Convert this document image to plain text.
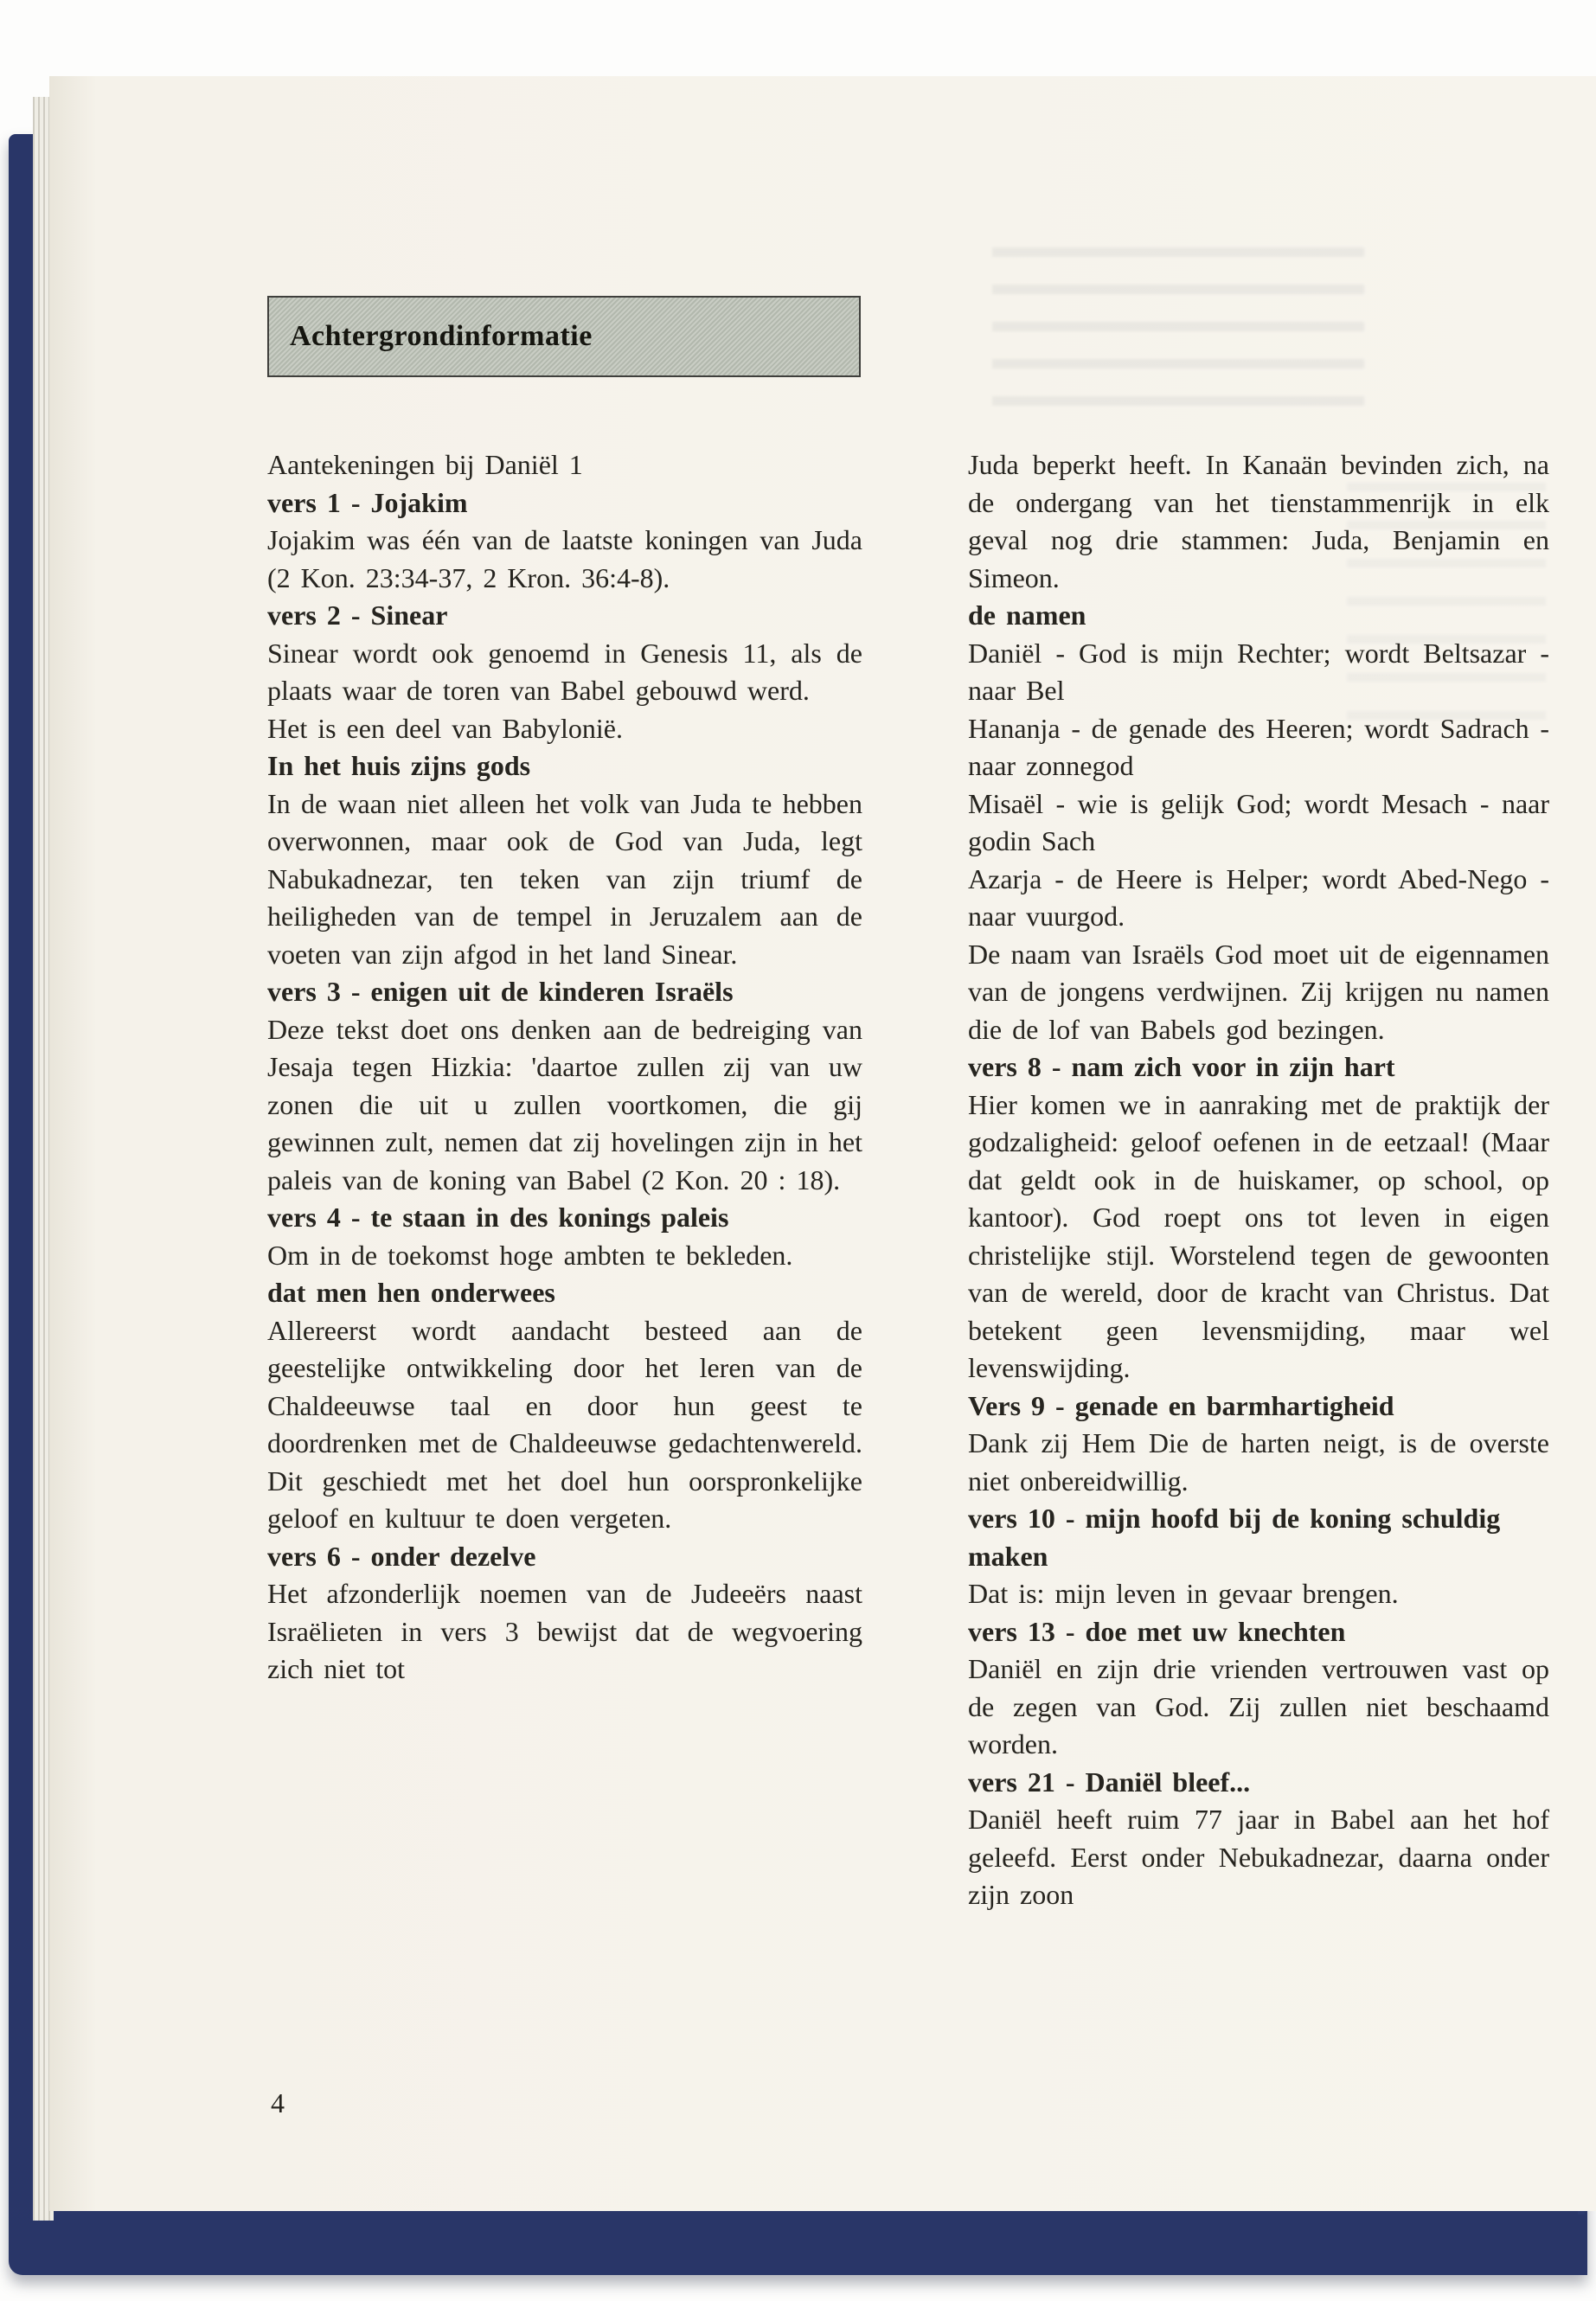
Achtergrondinformatie
Aantekeningen bij Daniël 1
vers 1 - Jojakim
Jojakim was één van de laatste koningen van Juda (2 Kon. 23:34-37, 2 Kron. 36:4-8).
vers 2 - Sinear
Sinear wordt ook genoemd in Genesis 11, als de plaats waar de toren van Babel gebouwd werd.
Het is een deel van Babylonië.
In het huis zijns gods
In de waan niet alleen het volk van Juda te hebben overwonnen, maar ook de God van Juda, legt Nabukadnezar, ten teken van zijn triumf de heiligheden van de tempel in Jeruzalem aan de voeten van zijn afgod in het land Sinear.
vers 3 - enigen uit de kinderen Israëls
Deze tekst doet ons denken aan de bedreiging van Jesaja tegen Hizkia: 'daartoe zullen zij van uw zonen die uit u zullen voortkomen, die gij gewinnen zult, nemen dat zij hovelingen zijn in het paleis van de koning van Babel (2 Kon. 20 : 18).
vers 4 - te staan in des konings paleis
Om in de toekomst hoge ambten te bekleden.
dat men hen onderwees
Allereerst wordt aandacht besteed aan de geestelijke ontwikkeling door het leren van de Chaldeeuwse taal en door hun geest te doordrenken met de Chaldeeuwse gedachtenwereld. Dit geschiedt met het doel hun oorspronkelijke geloof en kultuur te doen vergeten.
vers 6 - onder dezelve
Het afzonderlijk noemen van de Judeeërs naast Israëlieten in vers 3 bewijst dat de wegvoering zich niet tot
Juda beperkt heeft. In Kanaän bevinden zich, na de ondergang van het tienstammenrijk in elk geval nog drie stammen: Juda, Benjamin en Simeon.
de namen
Daniël - God is mijn Rechter; wordt Beltsazar - naar Bel
Hananja - de genade des Heeren; wordt Sadrach - naar zonnegod
Misaël - wie is gelijk God; wordt Mesach - naar godin Sach
Azarja - de Heere is Helper; wordt Abed-Nego - naar vuurgod.
De naam van Israëls God moet uit de eigennamen van de jongens verdwijnen. Zij krijgen nu namen die de lof van Babels god bezingen.
vers 8 - nam zich voor in zijn hart
Hier komen we in aanraking met de praktijk der godzaligheid: geloof oefenen in de eetzaal! (Maar dat geldt ook in de huiskamer, op school, op kantoor). God roept ons tot leven in eigen christelijke stijl. Worstelend tegen de gewoonten van de wereld, door de kracht van Christus. Dat betekent geen levensmijding, maar wel levenswijding.
Vers 9 - genade en barmhartigheid
Dank zij Hem Die de harten neigt, is de overste niet onbereidwillig.
vers 10 - mijn hoofd bij de koning schuldig maken
Dat is: mijn leven in gevaar brengen.
vers 13 - doe met uw knechten
Daniël en zijn drie vrienden vertrouwen vast op de zegen van God. Zij zullen niet beschaamd worden.
vers 21 - Daniël bleef...
Daniël heeft ruim 77 jaar in Babel aan het hof geleefd. Eerst onder Nebukadnezar, daarna onder zijn zoon
4
